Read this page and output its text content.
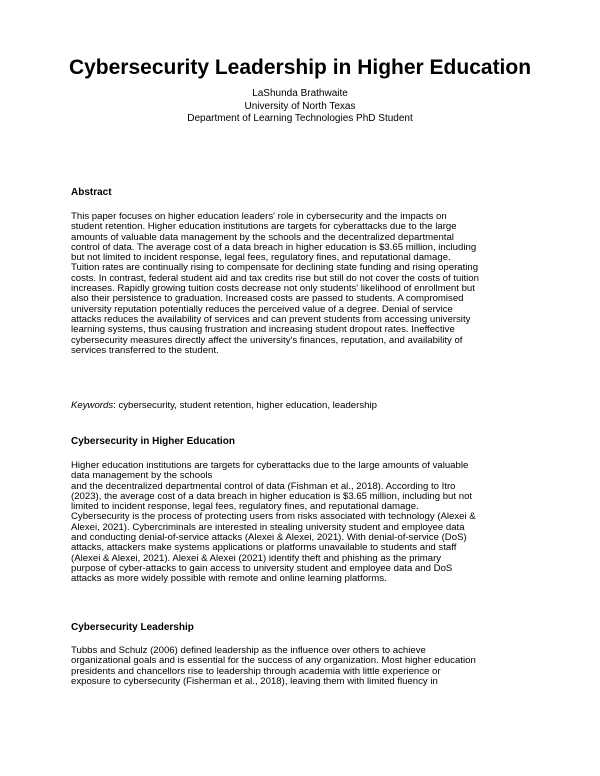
Cybersecurity Leadership in Higher Education
LaShunda Brathwaite
University of North Texas
Department of Learning Technologies PhD Student
Abstract
This paper focuses on higher education leaders' role in cybersecurity and the impacts on
student retention. Higher education institutions are targets for cyberattacks due to the large
amounts of valuable data management by the schools and the decentralized departmental
control of data. The average cost of a data breach in higher education is $3.65 million, including
but not limited to incident response, legal fees, regulatory fines, and reputational damage.
Tuition rates are continually rising to compensate for declining state funding and rising operating
costs. In contrast, federal student aid and tax credits rise but still do not cover the costs of tuition
increases. Rapidly growing tuition costs decrease not only students' likelihood of enrollment but
also their persistence to graduation. Increased costs are passed to students. A compromised
university reputation potentially reduces the perceived value of a degree. Denial of service
attacks reduces the availability of services and can prevent students from accessing university
learning systems, thus causing frustration and increasing student dropout rates. Ineffective
cybersecurity measures directly affect the university's finances, reputation, and availability of
services transferred to the student.
Keywords: cybersecurity, student retention, higher education, leadership
Cybersecurity in Higher Education
Higher education institutions are targets for cyberattacks due to the large amounts of valuable
data management by the schools
and the decentralized departmental control of data (Fishman et al., 2018). According to Itro
(2023), the average cost of a data breach in higher education is $3.65 million, including but not
limited to incident response, legal fees, regulatory fines, and reputational damage.
Cybersecurity is the process of protecting users from risks associated with technology (Alexei &
Alexei, 2021). Cybercriminals are interested in stealing university student and employee data
and conducting denial-of-service attacks (Alexei & Alexei, 2021). With denial-of-service (DoS)
attacks, attackers make systems applications or platforms unavailable to students and staff
(Alexei & Alexei, 2021). Alexei & Alexei (2021) identify theft and phishing as the primary
purpose of cyber-attacks to gain access to university student and employee data and DoS
attacks as more widely possible with remote and online learning platforms.
Cybersecurity Leadership
Tubbs and Schulz (2006) defined leadership as the influence over others to achieve
organizational goals and is essential for the success of any organization. Most higher education
presidents and chancellors rise to leadership through academia with little experience or
exposure to cybersecurity (Fisherman et al., 2018), leaving them with limited fluency in
